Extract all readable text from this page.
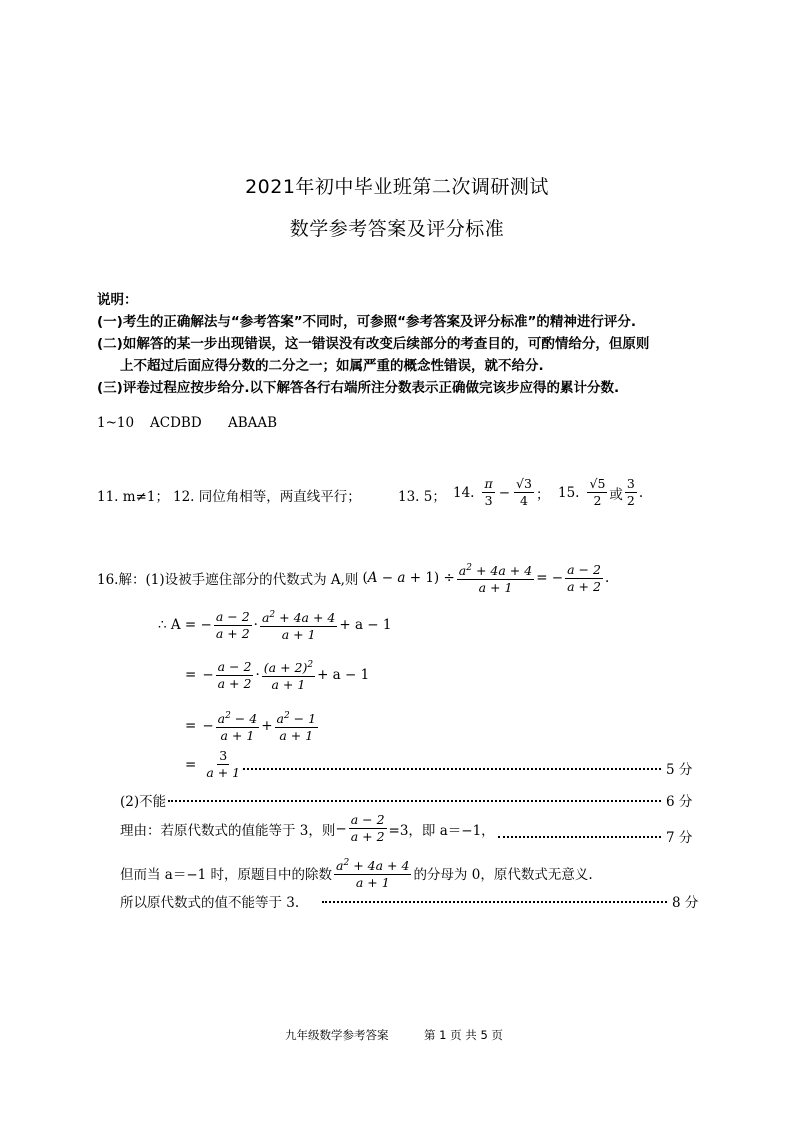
2021年初中毕业班第二次调研测试
数学参考答案及评分标准
说明：
(一)考生的正确解法与“参考答案”不同时，可参照“参考答案及评分标准”的精神进行评分.
(二)如解答的某一步出现错误，这一错误没有改变后续部分的考查目的，可酌情给分，但原则
上不超过后面应得分数的二分之一；如属严重的概念性错误，就不给分.
(三)评卷过程应按步给分.以下解答各行右端所注分数表示正确做完该步应得的累计分数.
1~10 ACDBD ABAAB
11. m≠1； 12. 同位角相等，两直线平行；	13. 5； 14. $\frac{\pi}{3} - \frac{√3}{4}$ ； 15. $\frac{√5}{2}$ 或 $\frac{3}{2}$ .
16.解：(1)设被手遮住部分的代数式为 A,则 $(A - a + 1) \div \frac{a^2 + 4a + 4}{a + 1}$ = − $\frac{a - 2}{a + 2}$ .
∴ A = − $\frac{a - 2}{a + 2} \cdot \frac{a^2 + 4a + 4}{a + 1} + a - 1$
= − $\frac{a - 2}{a + 2} \cdot \frac{(a + 2)^2}{a + 1} + a - 1$
= − $\frac{a^2 - 4}{a + 1} + \frac{a^2 - 1}{a + 1}$
= $\frac{3}{a + 1}$	5 分
(2)不能	6 分
理由：若原代数式的值能等于 3，则 − $\frac{a - 2}{a + 2} =3$，即 a＝−1，	7 分
但而当 a＝−1 时，原题目中的除数 $\frac{a^2 + 4a + 4}{a + 1}$ 的分母为 0，原代数式无意义.
所以原代数式的值不能等于 3.	8 分
九年级数学参考答案	第 1 页 共 5 页
